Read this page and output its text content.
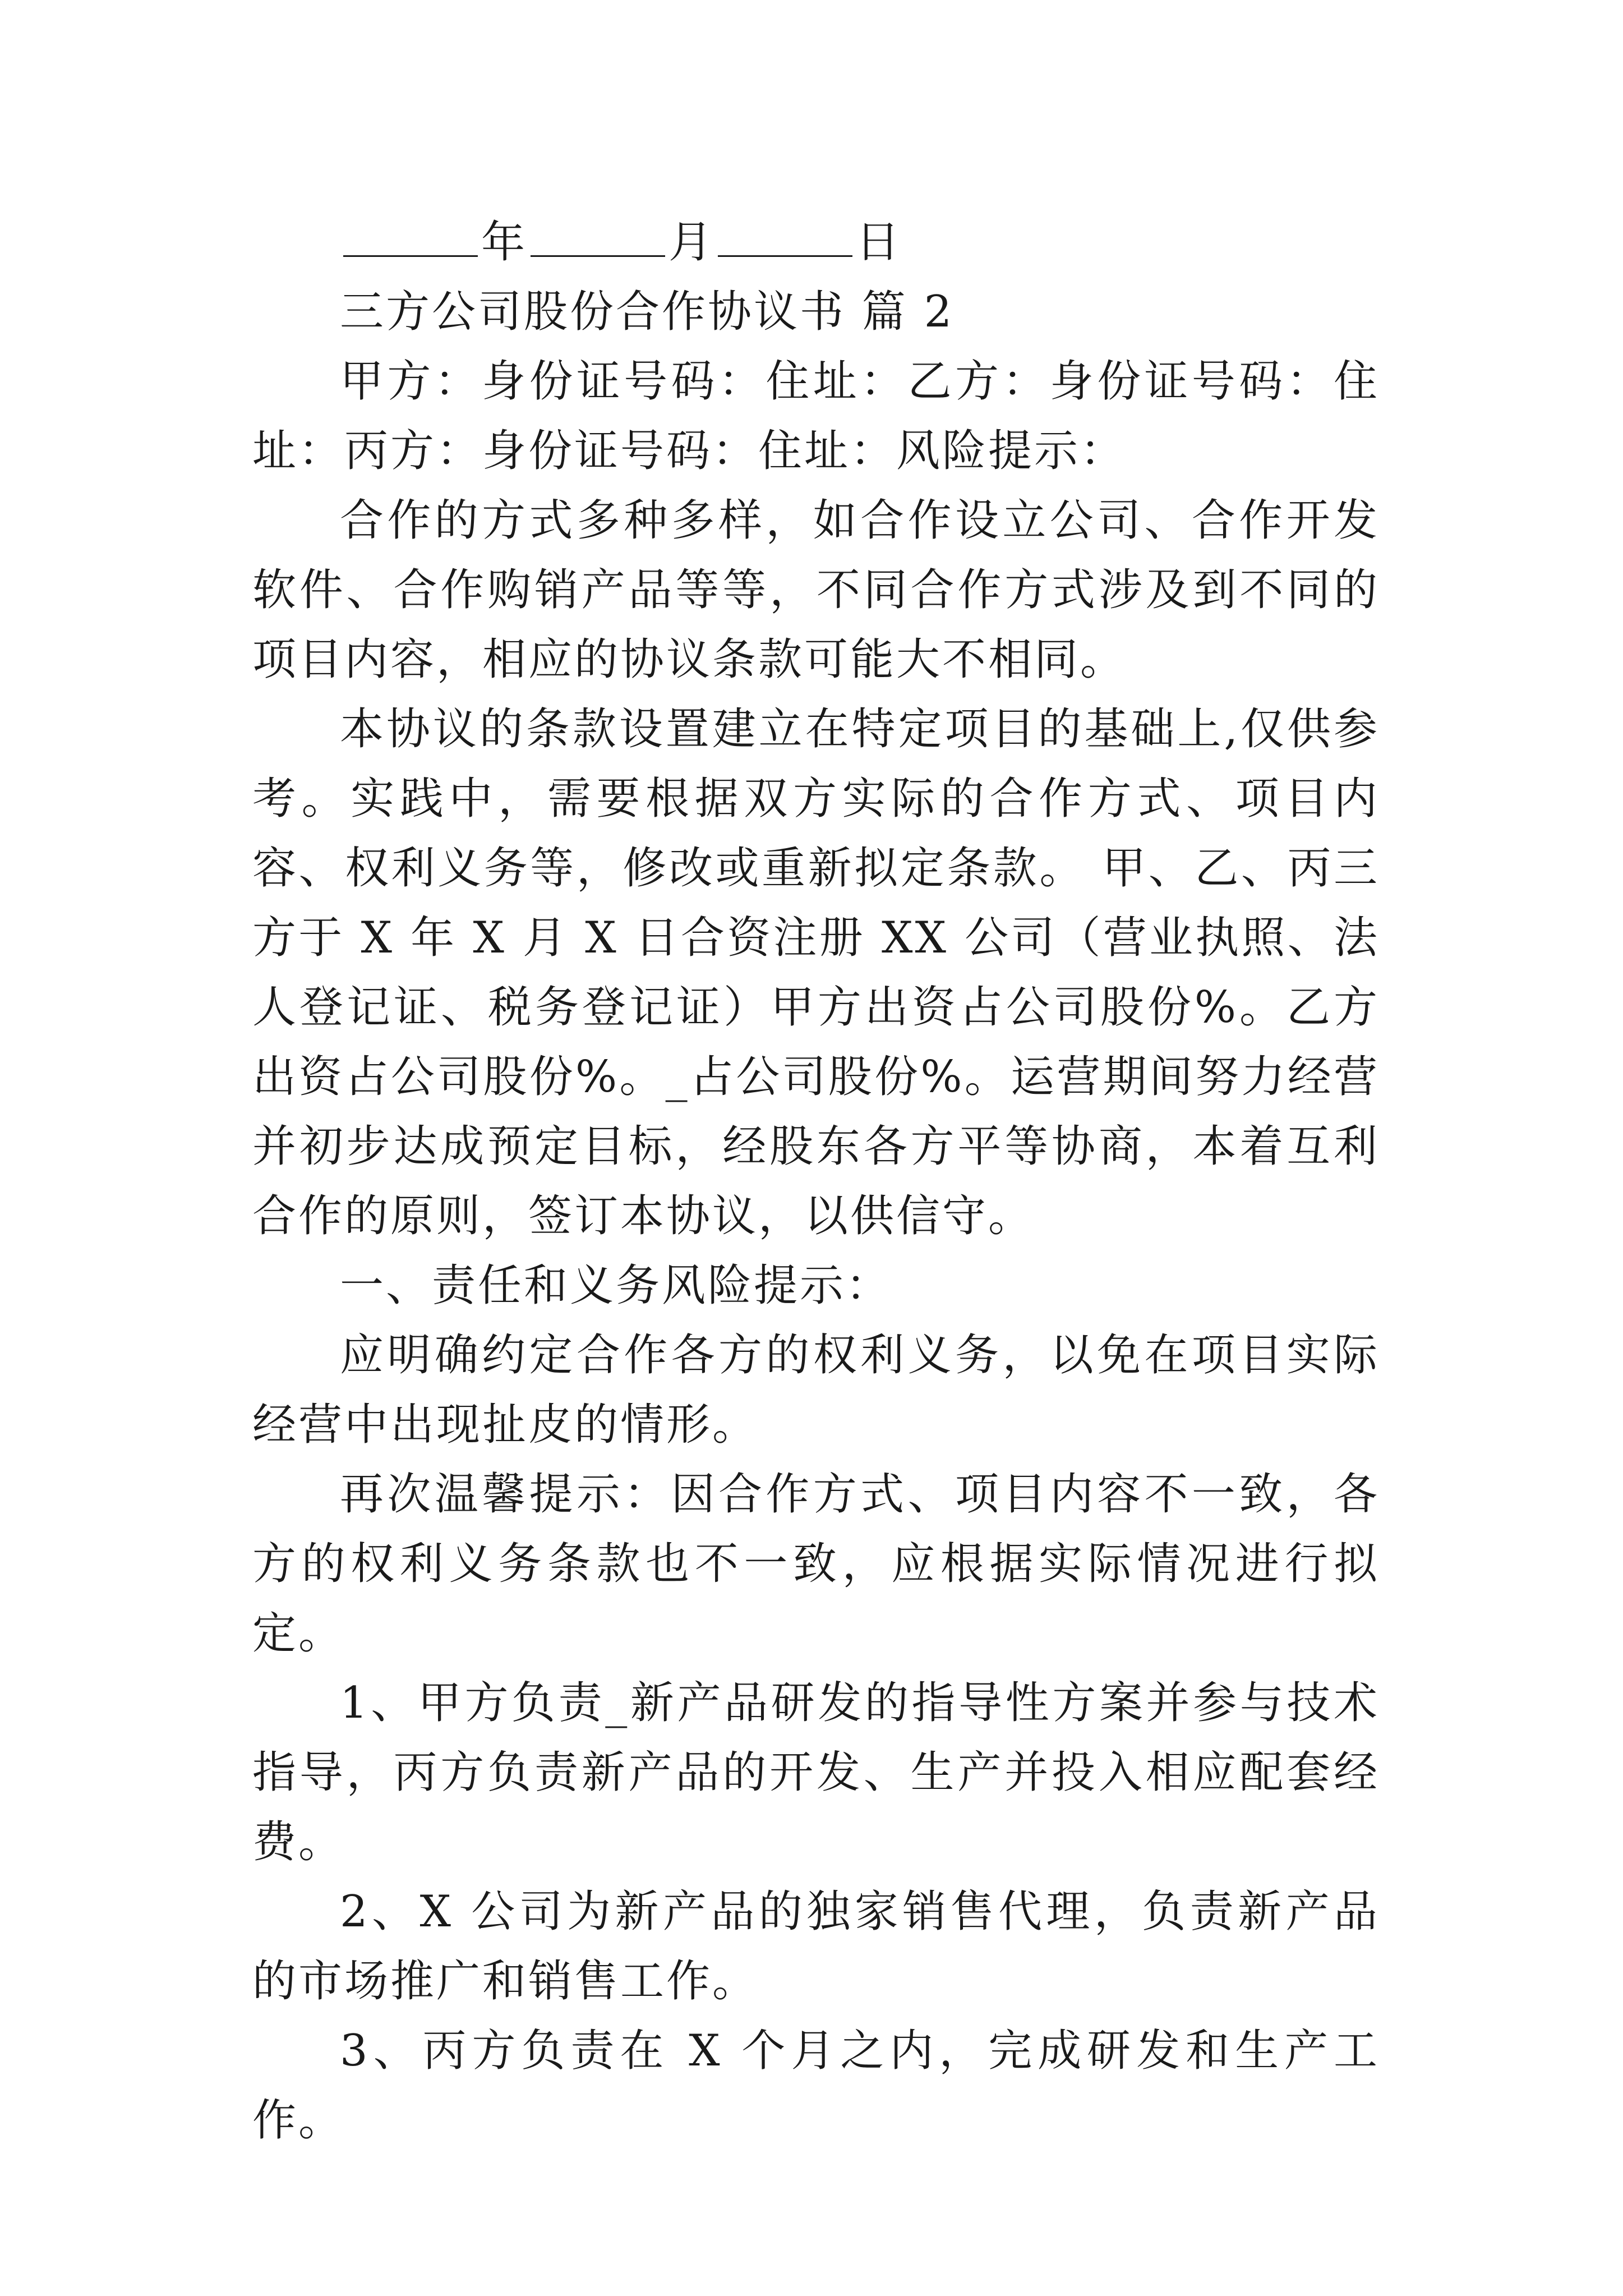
年	月	日

三方公司股份合作协议书 篇 2

甲方：身份证号码：住址：乙方：身份证号码：住址：丙方：身份证号码：住址：风险提示：

合作的方式多种多样，如合作设立公司、合作开发软件、合作购销产品等等，不同合作方式涉及到不同的项目内容，相应的协议条款可能大不相同。

本协议的条款设置建立在特定项目的基础上,仅供参考。实践中，需要根据双方实际的合作方式、项目内容、权利义务等，修改或重新拟定条款。 甲、乙、丙三方于 X 年 X 月 X 日合资注册 XX 公司（营业执照、法人登记证、税务登记证）甲方出资占公司股份%。乙方出资占公司股份%。_占公司股份%。运营期间努力经营并初步达成预定目标，经股东各方平等协商，本着互利合作的原则，签订本协议，以供信守。

一、责任和义务风险提示：

应明确约定合作各方的权利义务，以免在项目实际经营中出现扯皮的情形。

再次温馨提示：因合作方式、项目内容不一致，各方的权利义务条款也不一致，应根据实际情况进行拟定。

1、甲方负责_新产品研发的指导性方案并参与技术指导，丙方负责新产品的开发、生产并投入相应配套经费。

2、X 公司为新产品的独家销售代理，负责新产品的市场推广和销售工作。

3、丙方负责在 X 个月之内，完成研发和生产工作。
